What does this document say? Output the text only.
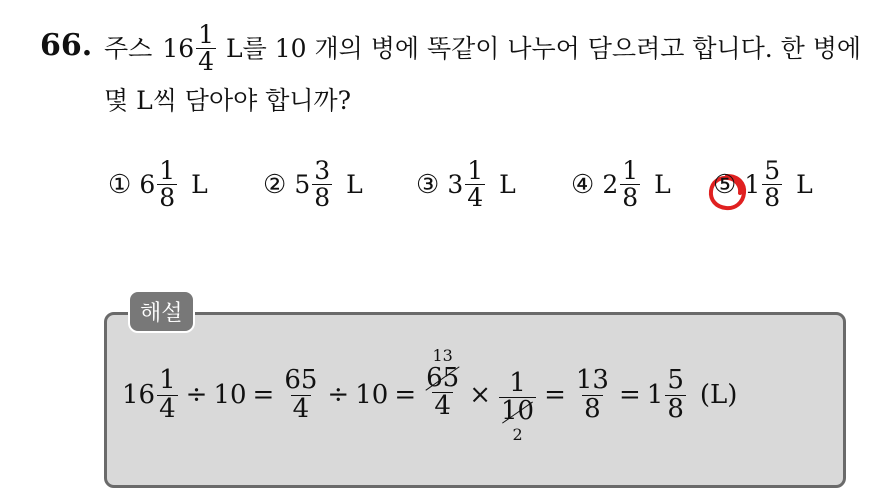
66. 주스 $16 \frac{1}{4}$ L를 10 개의 병에 똑같이 나누어 담으려고 합니다. 한 병에
몇 L씩 담아야 합니까?
① $6 \frac{1}{8}$ L ② $5 \frac{3}{8}$ L ③ $3 \frac{1}{4}$ L ④ $2 \frac{1}{8}$ L ⑤ $1 \frac{5}{8}$ L
해설
$16 \frac{1}{4} \div 10 = \frac{65}{4} \div 10$ =
13
$\frac{65}{4} \times \frac{1}{10}$
2
= $\frac{13}{8} = 1 \frac{5}{8} (L)$
